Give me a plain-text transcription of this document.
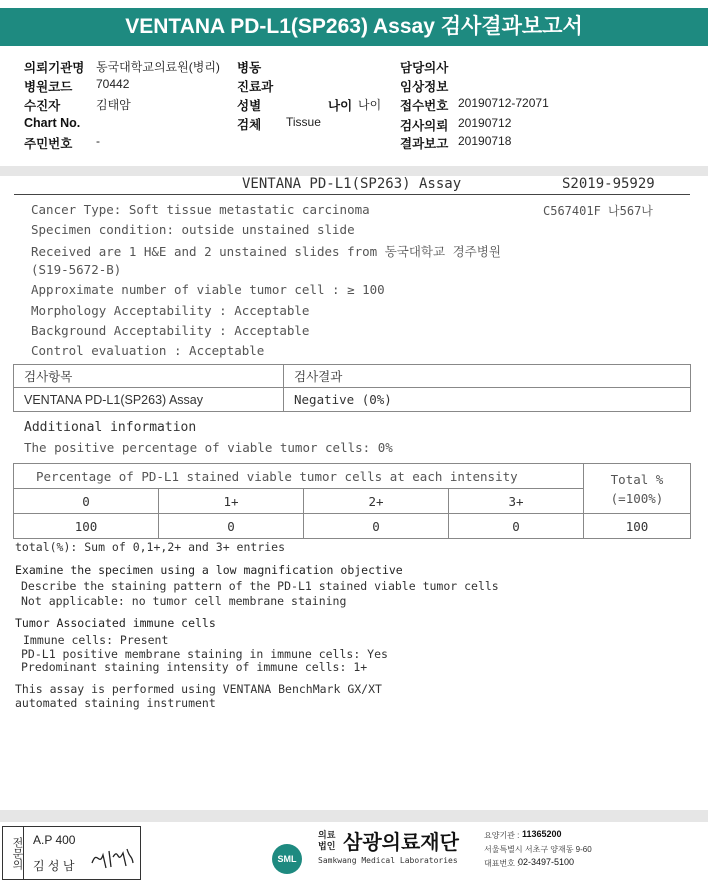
VENTANA PD-L1(SP263) Assay 검사결과보고서
의뢰기관명 동국대학교의료원(병리)
병원코드 70442
수진자	김태암
Chart No.
주민번호 -
병동
진료과
성별	나이 나이
검체 Tissue
담당의사
임상정보
접수번호 20190712-72071
검사의뢰 20190712
결과보고 20190718
VENTANA PD-L1(SP263) Assay	S2019-95929
C567401F 나567나
Cancer Type: Soft tissue metastatic carcinoma
Specimen condition: outside unstained slide
Received are 1 H&E and 2 unstained slides from 동국대학교 경주병원
(S19-5672-B)
Approximate number of viable tumor cell : ≥ 100
Morphology Acceptability : Acceptable
Background Acceptability : Acceptable
Control evaluation : Acceptable
검사항목	검사결과
VENTANA PD-L1(SP263) Assay	Negative (0%)
Additional information
The positive percentage of viable tumor cells: 0%
Percentage of PD-L1 stained viable tumor cells at each intensity				Total %
(=100%)
0	1+	2+	3+	
100	0	0	0	100
total(%): Sum of 0,1+,2+ and 3+ entries
Examine the specimen using a low magnification objective
Describe the staining pattern of the PD-L1 stained viable tumor cells
Not applicable: no tumor cell membrane staining
Tumor Associated immune cells
Immune cells: Present
PD-L1 positive membrane staining in immune cells: Yes
Predominant staining intensity of immune cells: 1+
This assay is performed using VENTANA BenchMark GX/XT
automated staining instrument
전문의 A.P 400
김 성 남	SML
의료
법인 삼광의료재단
Samkwang Medical Laboratories
요양기관 : 11365200
서울특별시 서초구 양재동 9-60
대표번호 :
02-3497-5100
